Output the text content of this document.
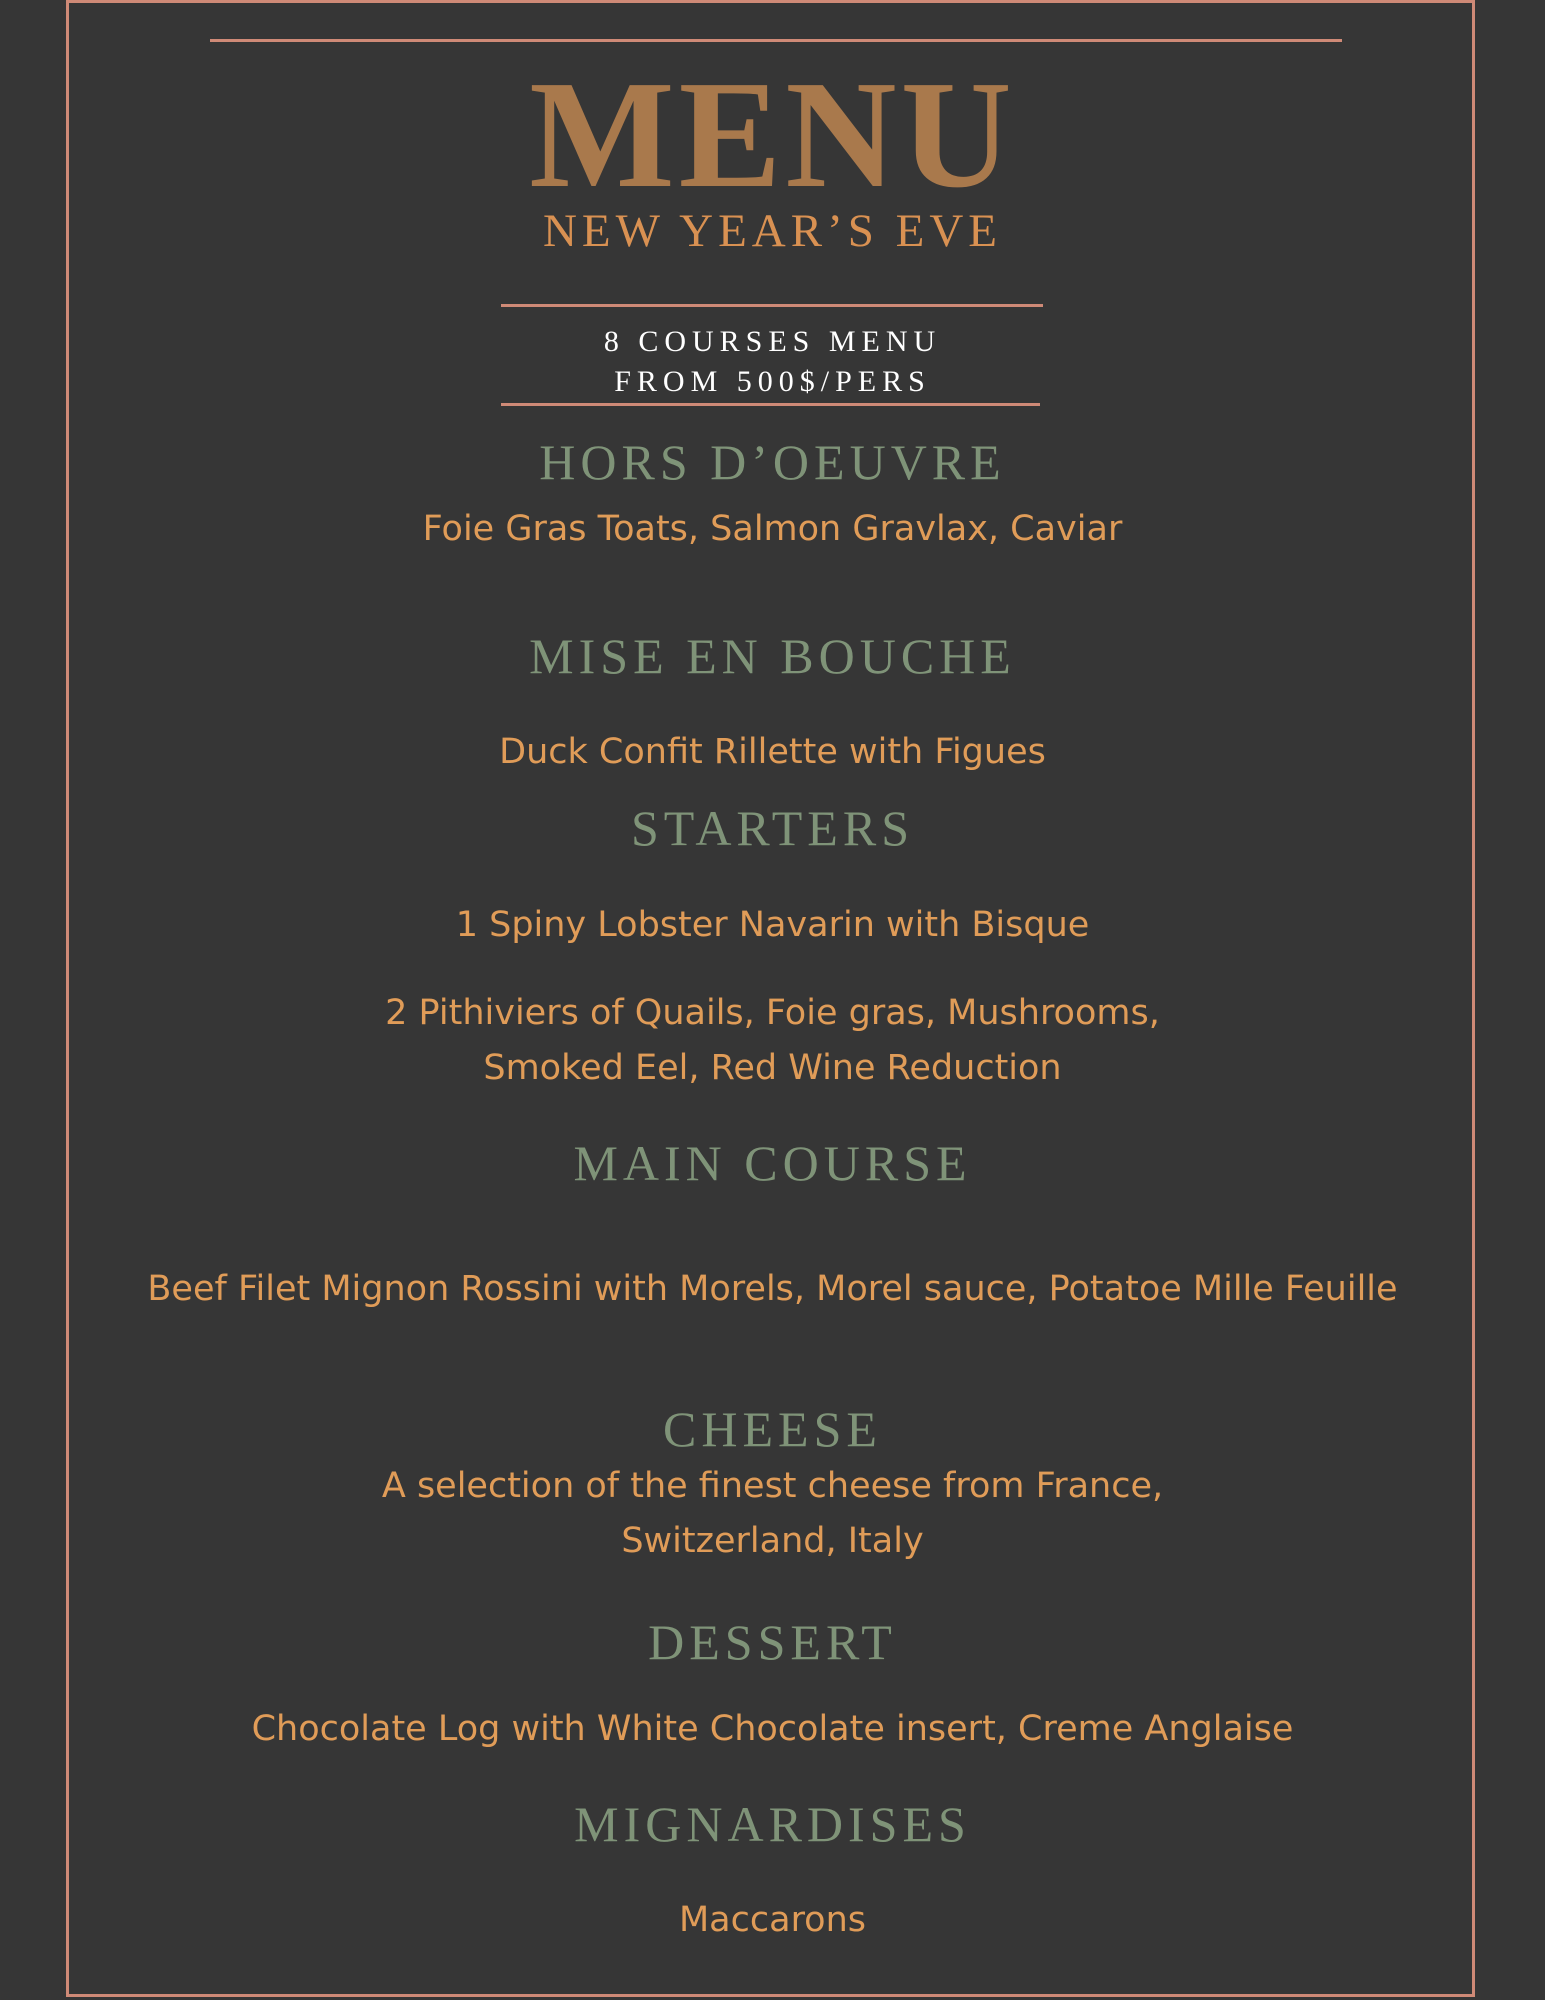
MENU
NEW YEAR’S EVE
8 COURSES MENU
FROM 500$/PERS
HORS D’OEUVRE
Foie Gras Toats, Salmon Gravlax, Caviar
MISE EN BOUCHE
Duck Confit Rillette with Figues
STARTERS
1 Spiny Lobster Navarin with Bisque
2 Pithiviers of Quails, Foie gras, Mushrooms,
Smoked Eel, Red Wine Reduction
MAIN COURSE
Beef Filet Mignon Rossini with Morels, Morel sauce, Potatoe Mille Feuille
CHEESE
A selection of the finest cheese from France,
Switzerland, Italy
DESSERT
Chocolate Log with White Chocolate insert, Creme Anglaise
MIGNARDISES
Maccarons
